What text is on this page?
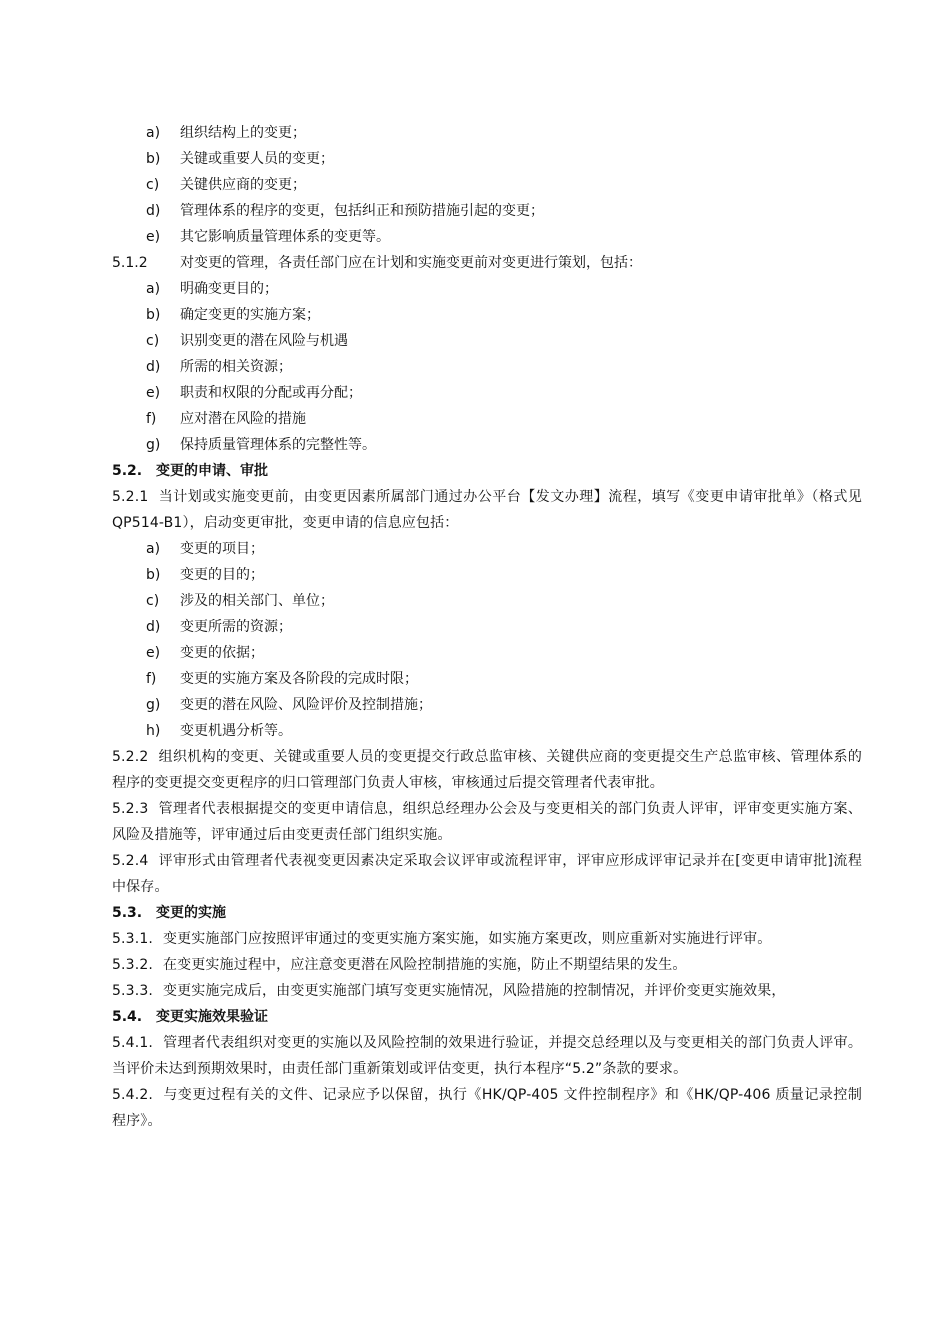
a)	组织结构上的变更；
b)	关键或重要人员的变更；
c)	关键供应商的变更；
d)	管理体系的程序的变更，包括纠正和预防措施引起的变更；
e)	其它影响质量管理体系的变更等。
5.1.2	对变更的管理，各责任部门应在计划和实施变更前对变更进行策划，包括：
a)	明确变更目的；
b)	确定变更的实施方案；
c)	识别变更的潜在风险与机遇
d)	所需的相关资源；
e)	职责和权限的分配或再分配；
f)	应对潜在风险的措施
g)	保持质量管理体系的完整性等。
5.2. 变更的申请、审批
5.2.1 当计划或实施变更前，由变更因素所属部门通过办公平台【发文办理】流程，填写《变更申请审批单》（格式见QP514-B1），启动变更审批，变更申请的信息应包括：
a)	变更的项目；
b)	变更的目的；
c)	涉及的相关部门、单位；
d)	变更所需的资源；
e)	变更的依据；
f)	变更的实施方案及各阶段的完成时限；
g)	变更的潜在风险、风险评价及控制措施；
h)	变更机遇分析等。
5.2.2 组织机构的变更、关键或重要人员的变更提交行政总监审核、关键供应商的变更提交生产总监审核、管理体系的程序的变更提交变更程序的归口管理部门负责人审核，审核通过后提交管理者代表审批。
5.2.3 管理者代表根据提交的变更申请信息，组织总经理办公会及与变更相关的部门负责人评审，评审变更实施方案、风险及措施等，评审通过后由变更责任部门组织实施。
5.2.4 评审形式由管理者代表视变更因素决定采取会议评审或流程评审，评审应形成评审记录并在[变更申请审批]流程中保存。
5.3. 变更的实施
5.3.1. 变更实施部门应按照评审通过的变更实施方案实施，如实施方案更改，则应重新对实施进行评审。
5.3.2. 在变更实施过程中，应注意变更潜在风险控制措施的实施，防止不期望结果的发生。
5.3.3. 变更实施完成后，由变更实施部门填写变更实施情况，风险措施的控制情况，并评价变更实施效果，
5.4. 变更实施效果验证
5.4.1. 管理者代表组织对变更的实施以及风险控制的效果进行验证，并提交总经理以及与变更相关的部门负责人评审。当评价未达到预期效果时，由责任部门重新策划或评估变更，执行本程序“5.2”条款的要求。
5.4.2. 与变更过程有关的文件、记录应予以保留，执行《HK/QP-405 文件控制程序》和《HK/QP-406 质量记录控制程序》。
